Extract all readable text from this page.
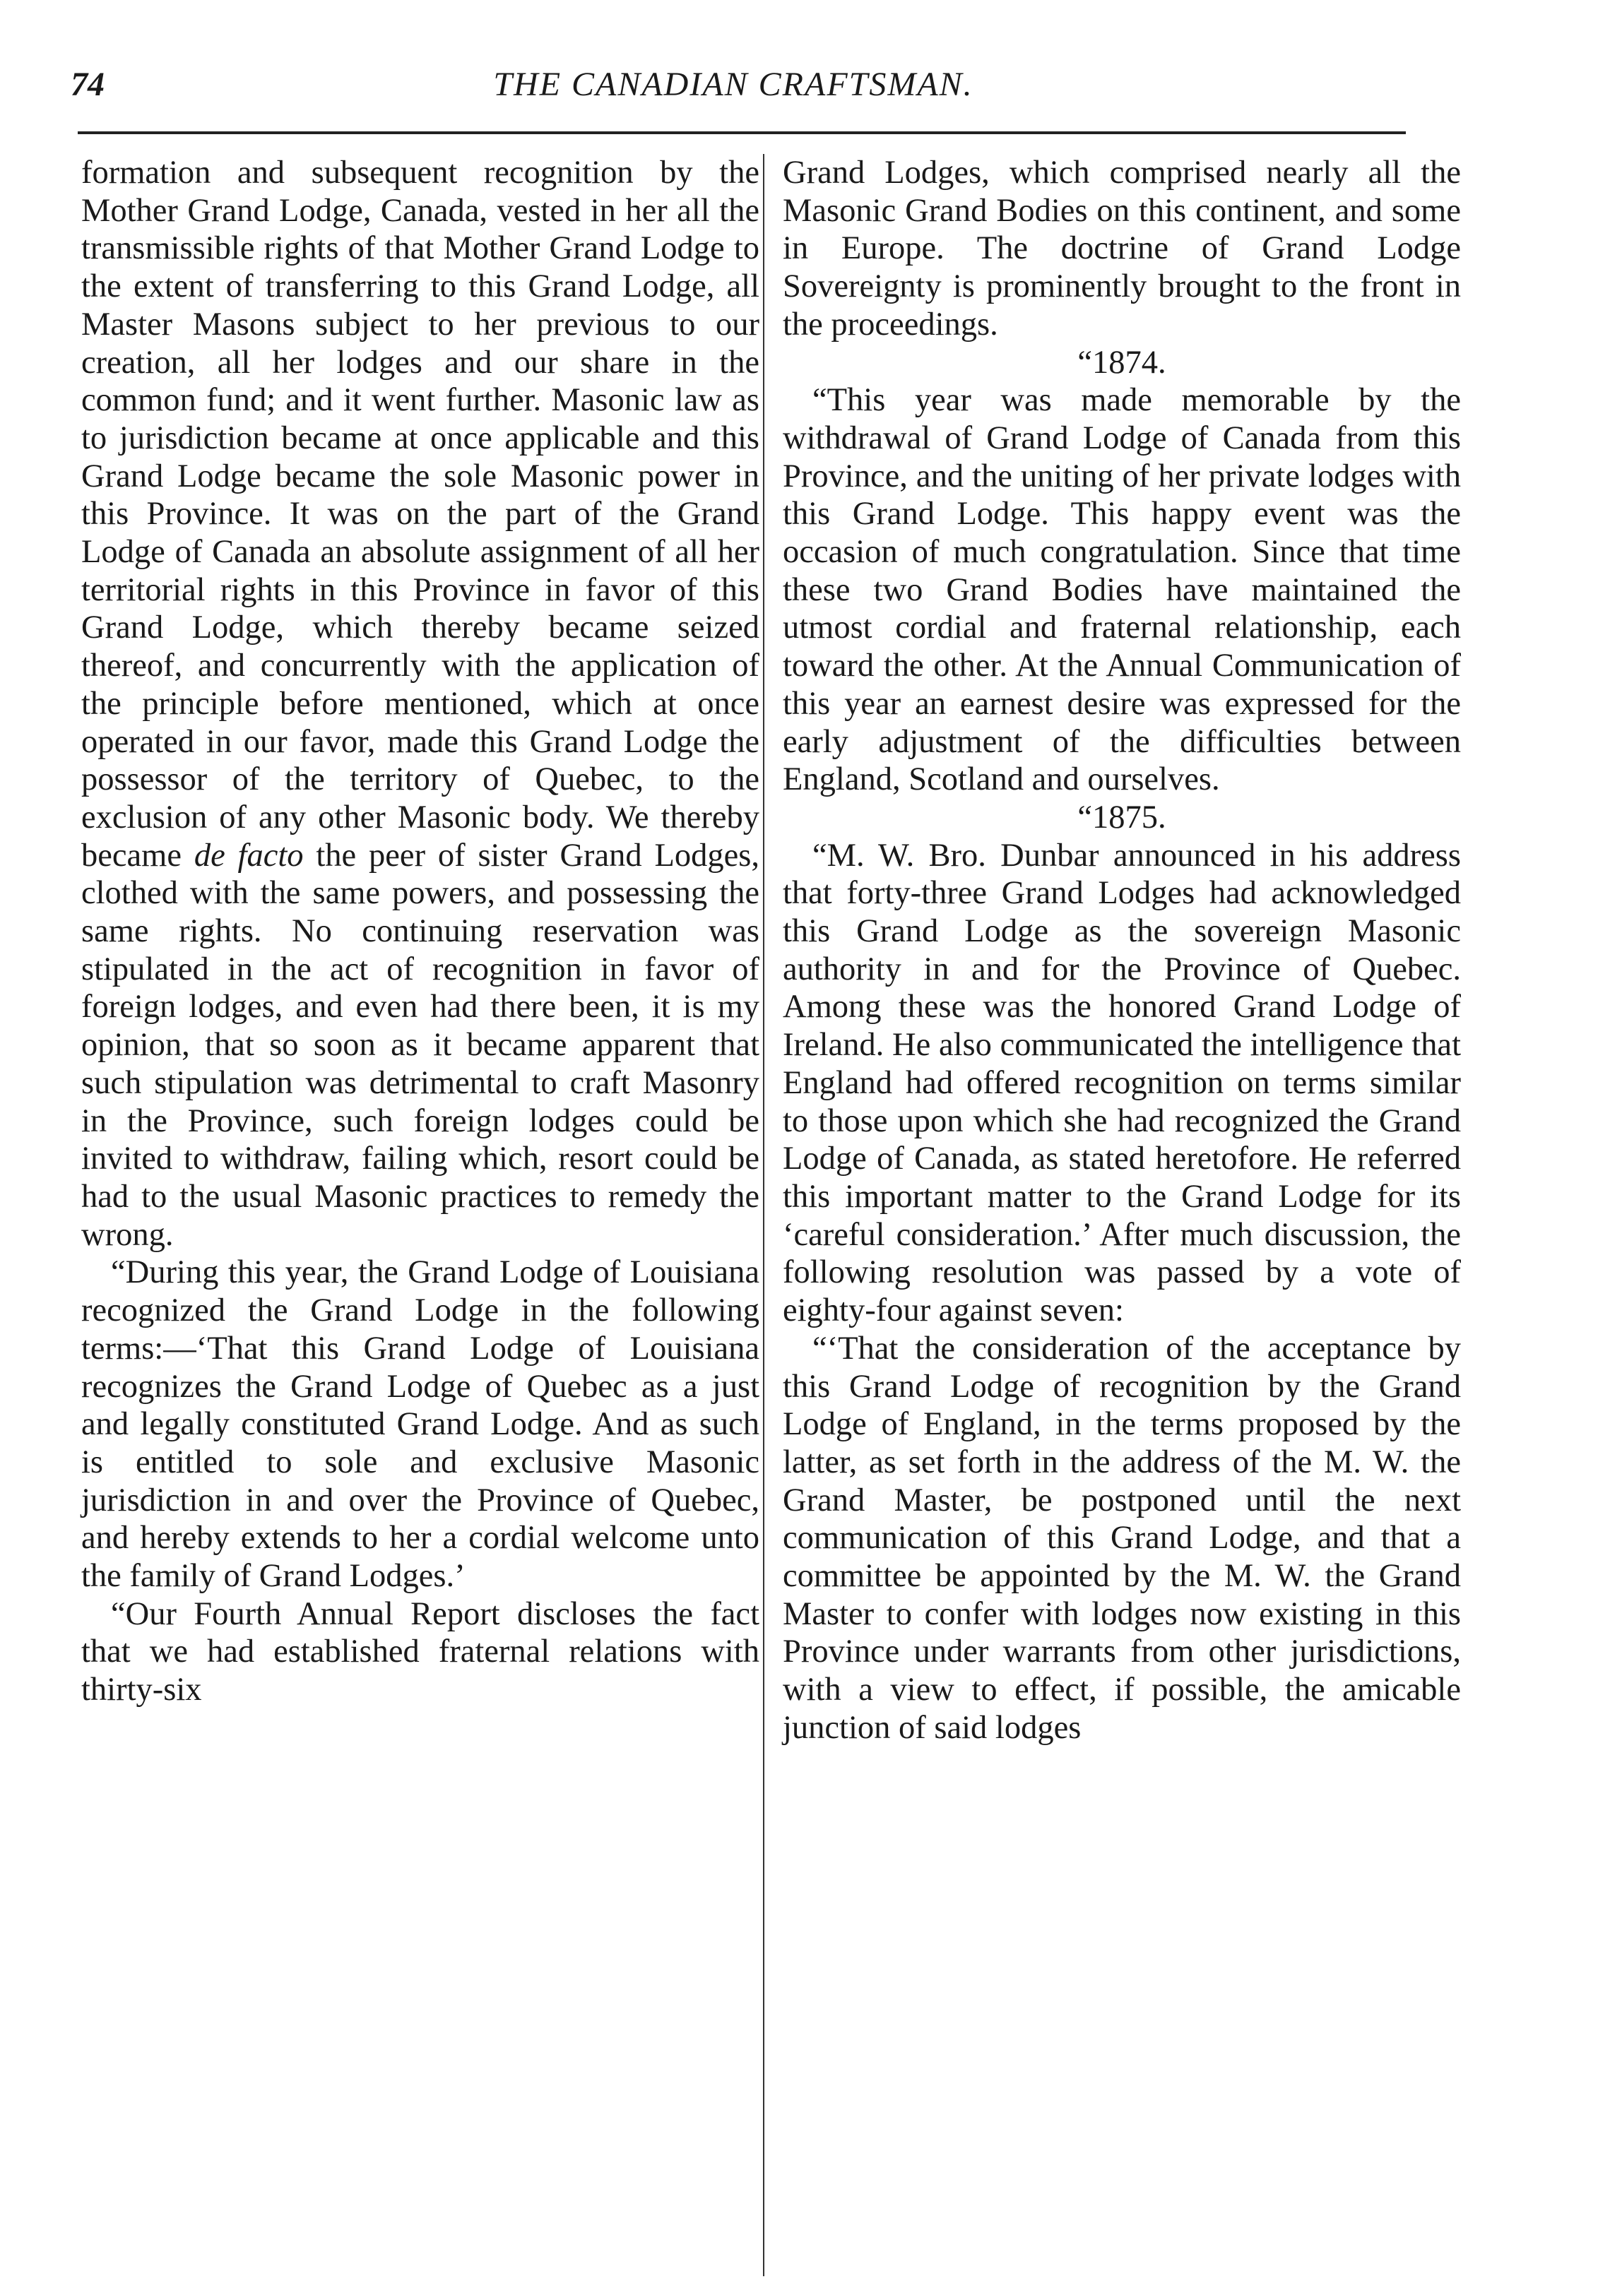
74	THE CANADIAN CRAFTSMAN.

formation and subsequent recognition by the Mother Grand Lodge, Canada, vested in her all the transmissible rights of that Mother Grand Lodge to the extent of transferring to this Grand Lodge, all Master Masons subject to her previous to our creation, all her lodges and our share in the common fund; and it went further. Masonic law as to jurisdiction became at once applicable and this Grand Lodge became the sole Masonic power in this Province. It was on the part of the Grand Lodge of Canada an absolute assignment of all her territorial rights in this Province in favor of this Grand Lodge, which thereby became seized thereof, and concurrently with the application of the principle before mentioned, which at once operated in our favor, made this Grand Lodge the possessor of the territory of Quebec, to the exclusion of any other Masonic body. We thereby became de facto the peer of sister Grand Lodges, clothed with the same powers, and possessing the same rights. No continuing reservation was stipulated in the act of recognition in favor of foreign lodges, and even had there been, it is my opinion, that so soon as it became apparent that such stipulation was detrimental to craft Masonry in the Province, such foreign lodges could be invited to withdraw, failing which, resort could be had to the usual Masonic practices to remedy the wrong.

“During this year, the Grand Lodge of Louisiana recognized the Grand Lodge in the following terms:—‘That this Grand Lodge of Louisiana recognizes the Grand Lodge of Quebec as a just and legally constituted Grand Lodge. And as such is entitled to sole and exclusive Masonic jurisdiction in and over the Province of Quebec, and hereby extends to her a cordial welcome unto the family of Grand Lodges.’

“Our Fourth Annual Report discloses the fact that we had established fraternal relations with thirty-six

Grand Lodges, which comprised nearly all the Masonic Grand Bodies on this continent, and some in Europe. The doctrine of Grand Lodge Sovereignty is prominently brought to the front in the proceedings.

“1874.

“This year was made memorable by the withdrawal of Grand Lodge of Canada from this Province, and the uniting of her private lodges with this Grand Lodge. This happy event was the occasion of much congratulation. Since that time these two Grand Bodies have maintained the utmost cordial and fraternal relationship, each toward the other. At the Annual Communication of this year an earnest desire was expressed for the early adjustment of the difficulties between England, Scotland and ourselves.

“1875.

“M. W. Bro. Dunbar announced in his address that forty-three Grand Lodges had acknowledged this Grand Lodge as the sovereign Masonic authority in and for the Province of Quebec. Among these was the honored Grand Lodge of Ireland. He also communicated the intelligence that England had offered recognition on terms similar to those upon which she had recognized the Grand Lodge of Canada, as stated heretofore. He referred this important matter to the Grand Lodge for its ‘careful consideration.’ After much discussion, the following resolution was passed by a vote of eighty-four against seven:

“‘That the consideration of the acceptance by this Grand Lodge of recognition by the Grand Lodge of England, in the terms proposed by the latter, as set forth in the address of the M. W. the Grand Master, be postponed until the next communication of this Grand Lodge, and that a committee be appointed by the M. W. the Grand Master to confer with lodges now existing in this Province under warrants from other jurisdictions, with a view to effect, if possible, the amicable junction of said lodges
